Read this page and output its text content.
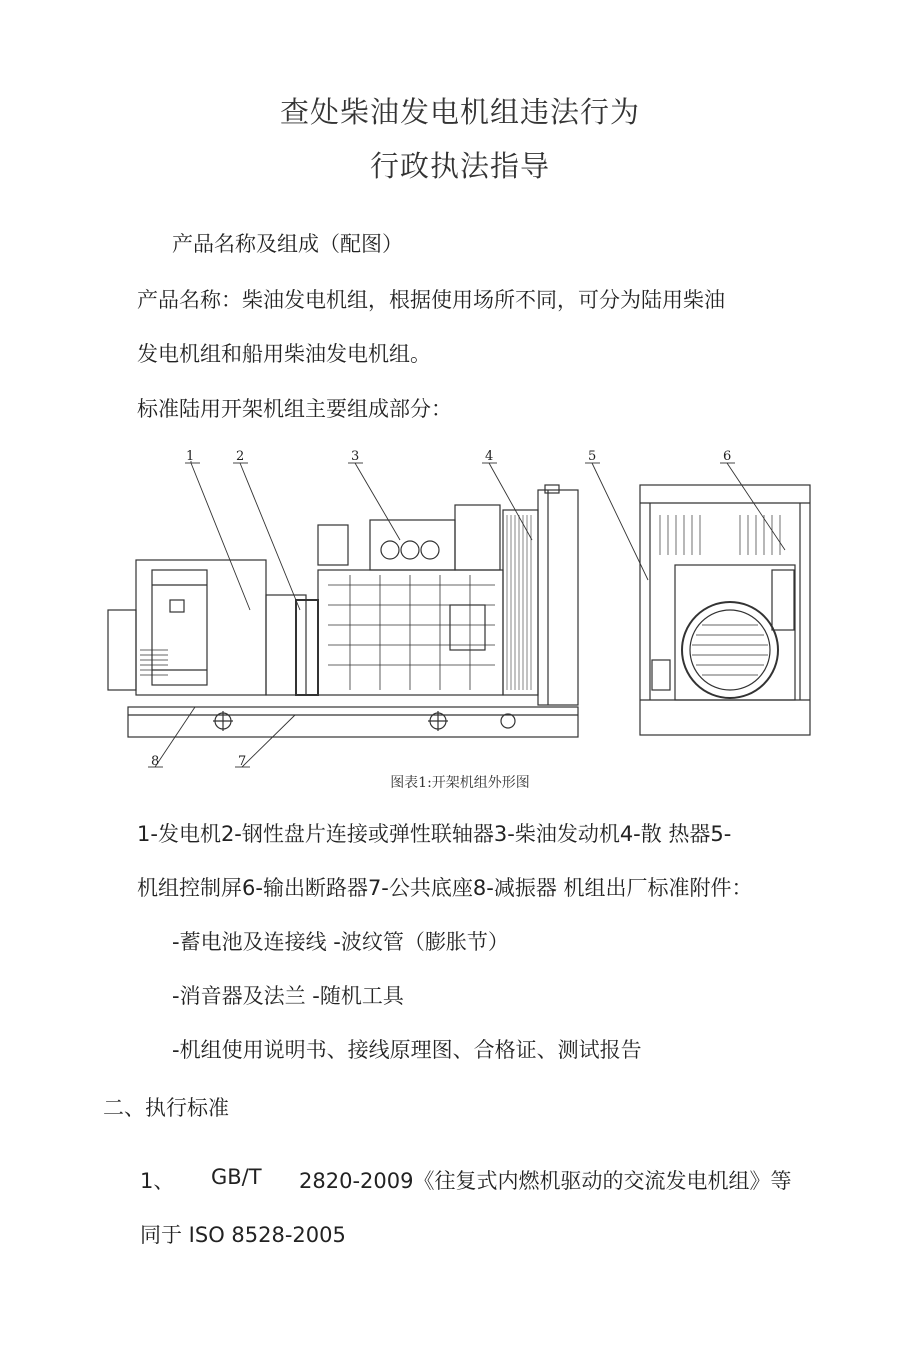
查处柴油发电机组违法行为
行政执法指导
产品名称及组成（配图）
产品名称：柴油发电机组，根据使用场所不同，可分为陆用柴油
发电机组和船用柴油发电机组。
标准陆用开架机组主要组成部分：
1	2	3	4	5	6
7
8
图表1:开架机组外形图
1-发电机2-钢性盘片连接或弹性联轴器3-柴油发动机4-散 热器5-
机组控制屏6-输出断路器7-公共底座8-减振器 机组出厂标准附件：
-蓄电池及连接线 -波纹管（膨胀节）
-消音器及法兰 -随机工具
-机组使用说明书、接线原理图、合格证、测试报告
二、执行标准
1、 GB/T 2820-2009《往复式内燃机驱动的交流发电机组》等
同于 ISO 8528-2005
